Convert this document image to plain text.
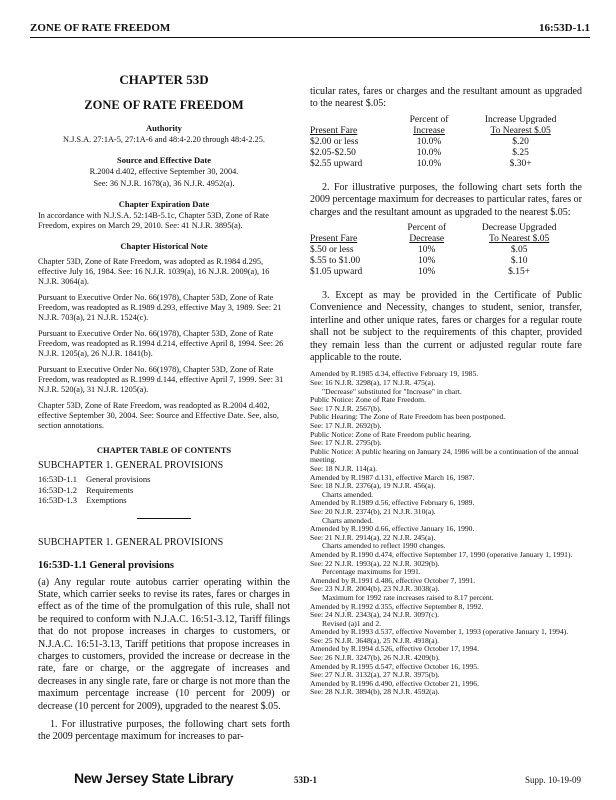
ZONE OF RATE FREEDOM	16:53D-1.1
CHAPTER 53D
ZONE OF RATE FREEDOM
Authority
N.J.S.A. 27:1A-5, 27:1A-6 and 48:4-2.20 through 48:4-2.25.
Source and Effective Date
R.2004 d.402, effective September 30, 2004.
See: 36 N.J.R. 1678(a), 36 N.J.R. 4952(a).
Chapter Expiration Date
In accordance with N.J.S.A. 52:14B-5.1c, Chapter 53D, Zone of Rate Freedom, expires on March 29, 2010. See: 41 N.J.R. 3895(a).
Chapter Historical Note

Chapter 53D, Zone of Rate Freedom, was adopted as R.1984 d.295, effective July 16, 1984. See: 16 N.J.R. 1039(a), 16 N.J.R. 2009(a), 16 N.J.R. 3064(a).

Pursuant to Executive Order No. 66(1978), Chapter 53D, Zone of Rate Freedom, was readopted as R.1989 d.293, effective May 3, 1989. See: 21 N.J.R. 703(a), 21 N.J.R. 1524(c).

Pursuant to Executive Order No. 66(1978), Chapter 53D, Zone of Rate Freedom, was readopted as R.1994 d.214, effective April 8, 1994. See: 26 N.J.R. 1205(a), 26 N.J.R. 1841(b).

Pursuant to Executive Order No. 66(1978), Chapter 53D, Zone of Rate Freedom, was readopted as R.1999 d.144, effective April 7, 1999. See: 31 N.J.R. 520(a), 31 N.J.R. 1205(a).

Chapter 53D, Zone of Rate Freedom, was readopted as R.2004 d.402, effective September 30, 2004. See: Source and Effective Date. See, also, section annotations.

CHAPTER TABLE OF CONTENTS
SUBCHAPTER 1. GENERAL PROVISIONS
16:53D-1.1 General provisions
16:53D-1.2 Requirements
16:53D-1.3 Exemptions
SUBCHAPTER 1. GENERAL PROVISIONS
16:53D-1.1 General provisions

(a) Any regular route autobus carrier operating within the State, which carrier seeks to revise its rates, fares or charges in effect as of the time of the promulgation of this rule, shall not be required to conform with N.J.A.C. 16:51-3.12, Tariff filings that do not propose increases in charges to customers, or N.J.A.C. 16:51-3.13, Tariff petitions that propose increases in charges to customers, provided the increase or decrease in the rate, fare or charge, or the aggregate of increases and decreases in any single rate, fare or charge is not more than the maximum percentage increase (10 percent for 2009) or decrease (10 percent for 2009), upgraded to the nearest $.05.

1. For illustrative purposes, the following chart sets forth the 2009 percentage maximum for increases to par-

ticular rates, fares or charges and the resultant amount as upgraded to the nearest $.05:

	Percent of	Increase Upgraded
Present Fare	Increase	To Nearest $.05
$2.00 or less	10.0%	$.20
$2.05-$2.50	10.0%	$.25
$2.55 upward	10.0%	$.30+

2. For illustrative purposes, the following chart sets forth the 2009 percentage maximum for decreases to particular rates, fares or charges and the resultant amount as upgraded to the nearest $.05:

	Percent of	Decrease Upgraded
Present Fare	Decrease	To Nearest $.05
$.50 or less	10%	$.05
$.55 to $1.00	10%	$.10
$1.05 upward	10%	$.15+

3. Except as may be provided in the Certificate of Public Convenience and Necessity, changes to student, senior, transfer, interline and other unique rates, fares or charges for a regular route shall not be subject to the requirements of this chapter, provided they remain less than the current or adjusted regular route fare applicable to the route.

Amended by R.1985 d.34, effective February 19, 1985.
See: 16 N.J.R. 3298(a), 17 N.J.R. 475(a).
"Decrease" substituted for "Increase" in chart.
Public Notice: Zone of Rate Freedom.
See: 17 N.J.R. 2567(b).
Public Hearing: The Zone of Rate Freedom has been postponed.
See: 17 N.J.R. 2692(b).
Public Notice: Zone of Rate Freedom public hearing.
See: 17 N.J.R. 2795(b).
Public Notice: A public hearing on January 24, 1986 will be a continuation of the annual meeting.
See: 18 N.J.R. 114(a).
Amended by R.1987 d.131, effective March 16, 1987.
See: 18 N.J.R. 2376(a), 19 N.J.R. 456(a).
Charts amended.
Amended by R.1989 d.56, effective February 6, 1989.
See: 20 N.J.R. 2374(b), 21 N.J.R. 310(a).
Charts amended.
Amended by R.1990 d.66, effective January 16, 1990.
See: 21 N.J.R. 2914(a), 22 N.J.R. 245(a).
Charts amended to reflect 1990 changes.
Amended by R.1990 d.474, effective September 17, 1990 (operative January 1, 1991).
See: 22 N.J.R. 1993(a), 22 N.J.R. 3029(b).
Percentage maximums for 1991.
Amended by R.1991 d.486, effective October 7, 1991.
See: 23 N.J.R. 2004(b), 23 N.J.R. 3038(a).
Maximum for 1992 rate increases raised to 8.17 percent.
Amended by R.1992 d.355, effective September 8, 1992.
See: 24 N.J.R. 2343(a), 24 N.J.R. 3097(c).
Revised (a)1 and 2.
Amended by R.1993 d.537, effective November 1, 1993 (operative January 1, 1994).
See: 25 N.J.R. 3648(a), 25 N.J.R. 4918(a).
Amended by R.1994 d.526, effective October 17, 1994.
See: 26 N.J.R. 3247(b), 26 N.J.R. 4209(b).
Amended by R.1995 d.547, effective October 16, 1995.
See: 27 N.J.R. 3132(a), 27 N.J.R. 3975(b).
Amended by R.1996 d.490, effective October 21, 1996.
See: 28 N.J.R. 3894(b), 28 N.J.R. 4592(a).
New Jersey State Library	53D-1	Supp. 10-19-09
